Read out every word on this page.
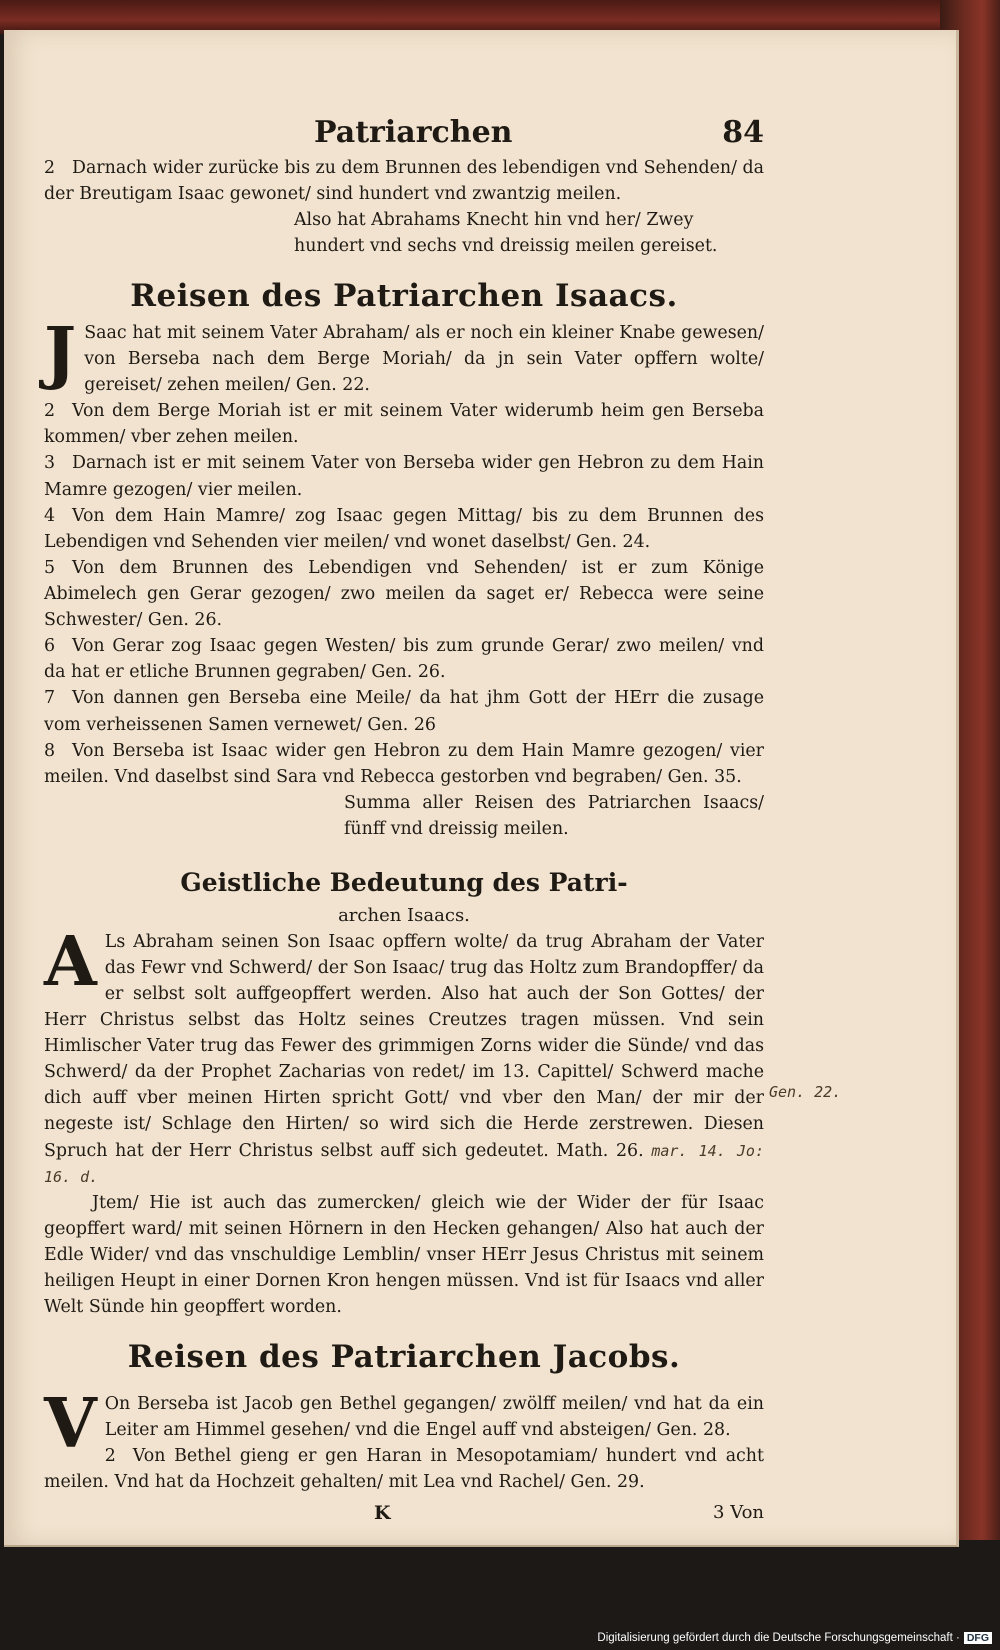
Patriarchen	84

2 Darnach wider zurücke bis zu dem Brunnen des lebendigen vnd Sehenden/ da der Breutigam Isaac gewonet/ sind hundert vnd zwantzig meilen.

Also hat Abrahams Knecht hin vnd her/ Zwey hundert vnd sechs vnd dreissig meilen gereiset.

Reisen des Patriarchen Isaacs.

J Saac hat mit seinem Vater Abraham/ als er noch ein kleiner Knabe gewesen/ von Berseba nach dem Berge Moriah/ da jn sein Vater opffern wolte/ gereiset/ zehen meilen/ Gen. 22.

2 Von dem Berge Moriah ist er mit seinem Vater widerumb heim gen Berseba kommen/ vber zehen meilen.

3 Darnach ist er mit seinem Vater von Berseba wider gen Hebron zu dem Hain Mamre gezogen/ vier meilen.

4 Von dem Hain Mamre/ zog Isaac gegen Mittag/ bis zu dem Brunnen des Lebendigen vnd Sehenden vier meilen/ vnd wonet daselbst/ Gen. 24.

5 Von dem Brunnen des Lebendigen vnd Sehenden/ ist er zum Könige Abimelech gen Gerar gezogen/ zwo meilen da saget er/ Rebecca were seine Schwester/ Gen. 26.

6 Von Gerar zog Isaac gegen Westen/ bis zum grunde Gerar/ zwo meilen/ vnd da hat er etliche Brunnen gegraben/ Gen. 26.

7 Von dannen gen Berseba eine Meile/ da hat jhm Gott der HErr die zusage vom verheissenen Samen vernewet/ Gen. 26

8 Von Berseba ist Isaac wider gen Hebron zu dem Hain Mamre gezogen/ vier meilen. Vnd daselbst sind Sara vnd Rebecca gestorben vnd begraben/ Gen. 35.

Summa aller Reisen des Patriarchen Isaacs/ fünff vnd dreissig meilen.

Geistliche Bedeutung des Patri-

archen Isaacs.

A Ls Abraham seinen Son Isaac opffern wolte/ da trug Abraham der Vater das Fewr vnd Schwerd/ der Son Isaac/ trug das Holtz zum Brandopffer/ da er selbst solt auffgeopffert werden. Also hat auch der Son Gottes/ der Herr Christus selbst das Holtz seines Creutzes tragen müssen. Vnd sein Himlischer Vater trug das Fewer des grimmigen Zorns wider die Sünde/ vnd das Schwerd/ da der Prophet Zacharias von redet/ im 13. Capittel/ Schwerd mache dich auff vber meinen Hirten spricht Gott/ vnd vber den Man/ der mir der negeste ist/ Schlage den Hirten/ so wird sich die Herde zerstrewen. Diesen Spruch hat der Herr Christus selbst auff sich gedeutet. Math. 26. mar. 14. Jo: 16. d.

Jtem/ Hie ist auch das zumercken/ gleich wie der Wider der für Isaac geopffert ward/ mit seinen Hörnern in den Hecken gehangen/ Also hat auch der Edle Wider/ vnd das vnschuldige Lemblin/ vnser HErr Jesus Christus mit seinem heiligen Heupt in einer Dornen Kron hengen müssen. Vnd ist für Isaacs vnd aller Welt Sünde hin geopffert worden.

Reisen des Patriarchen Jacobs.

V On Berseba ist Jacob gen Bethel gegangen/ zwölff meilen/ vnd hat da ein Leiter am Himmel gesehen/ vnd die Engel auff vnd absteigen/ Gen. 28.

2 Von Bethel gieng er gen Haran in Mesopotamiam/ hundert vnd acht meilen. Vnd hat da Hochzeit gehalten/ mit Lea vnd Rachel/ Gen. 29.

K	3 Von
Gen. 22.
Digitalisierung gefördert durch die Deutsche Forschungsgemeinschaft · DFG
